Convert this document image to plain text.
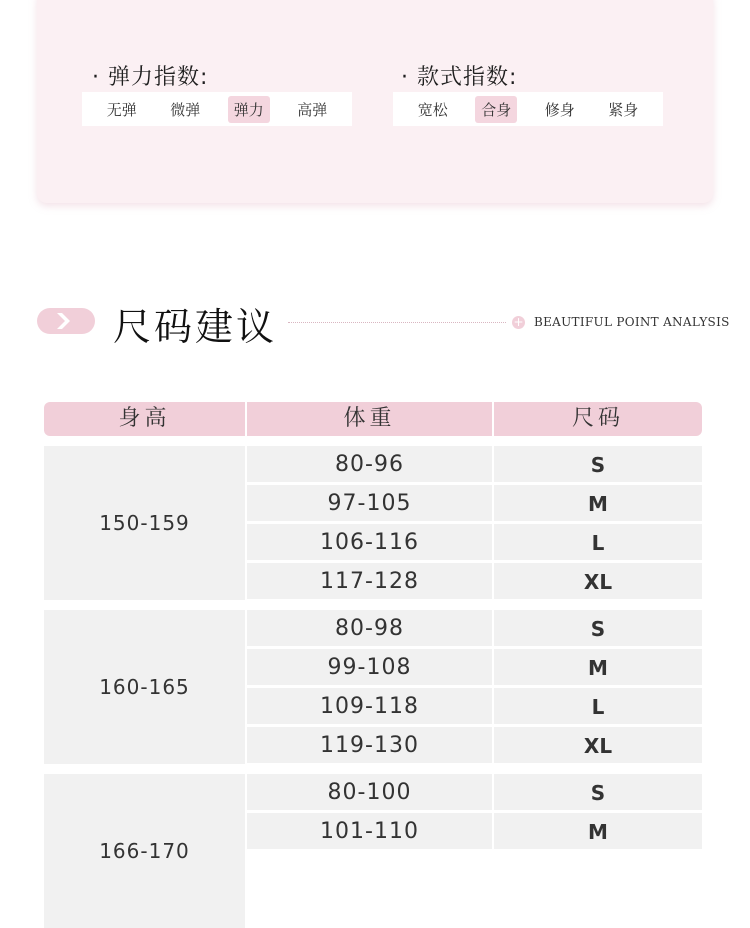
· 弹力指数:
无弹	微弹	弹力	高弹
· 款式指数:
宽松	合身	修身	紧身
尺码建议	+ BEAUTIFUL POINT ANALYSIS
身高	体重	尺码
150-159
80-96	S
97-105	M
106-116	L
117-128	XL
160-165
80-98	S
99-108	M
109-118	L
119-130	XL
166-170
80-100	S
101-110	M
